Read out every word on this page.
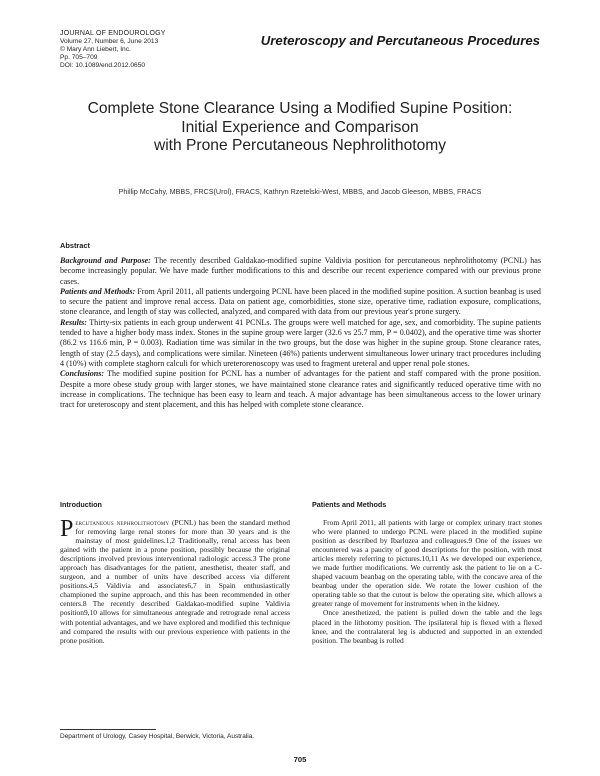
JOURNAL OF ENDOUROLOGY
Volume 27, Number 6, June 2013
© Mary Ann Liebert, Inc.
Pp. 705–709
DOI: 10.1089/end.2012.0650
Ureteroscopy and Percutaneous Procedures
Complete Stone Clearance Using a Modified Supine Position:
Initial Experience and Comparison
with Prone Percutaneous Nephrolithotomy
Phillip McCahy, MBBS, FRCS(Urol), FRACS, Kathryn Rzetelski-West, MBBS, and Jacob Gleeson, MBBS, FRACS
Abstract

Background and Purpose: The recently described Galdakao-modified supine Valdivia position for percutaneous nephrolithotomy (PCNL) has become increasingly popular. We have made further modifications to this and describe our recent experience compared with our previous prone cases.

Patients and Methods: From April 2011, all patients undergoing PCNL have been placed in the modified supine position. A suction beanbag is used to secure the patient and improve renal access. Data on patient age, comorbidities, stone size, operative time, radiation exposure, complications, stone clearance, and length of stay was collected, analyzed, and compared with data from our previous year's prone surgery.

Results: Thirty-six patients in each group underwent 41 PCNLs. The groups were well matched for age, sex, and comorbidity. The supine patients tended to have a higher body mass index. Stones in the supine group were larger (32.6 vs 25.7 mm, P = 0.0402), and the operative time was shorter (86.2 vs 116.6 min, P = 0.003). Radiation time was similar in the two groups, but the dose was higher in the supine group. Stone clearance rates, length of stay (2.5 days), and complications were similar. Nineteen (46%) patients underwent simultaneous lower urinary tract procedures including 4 (10%) with complete staghorn calculi for which ureterorenoscopy was used to fragment ureteral and upper renal pole stones.

Conclusions: The modified supine position for PCNL has a number of advantages for the patient and staff compared with the prone position. Despite a more obese study group with larger stones, we have maintained stone clearance rates and significantly reduced operative time with no increase in complications. The technique has been easy to learn and teach. A major advantage has been simultaneous access to the lower urinary tract for ureteroscopy and stent placement, and this has helped with complete stone clearance.

Introduction

Percutaneous nephrolithotomy (PCNL) has been the standard method for removing large renal stones for more than 30 years and is the mainstay of most guidelines.1,2 Traditionally, renal access has been gained with the patient in a prone position, possibly because the original descriptions involved previous interventional radiologic access.3 The prone approach has disadvantages for the patient, anesthetist, theater staff, and surgeon, and a number of units have described access via different positions.4,5 Valdivia and associates6,7 in Spain enthusiastically championed the supine approach, and this has been recommended in other centers.8 The recently described Galdakao-modified supine Valdivia position9,10 allows for simultaneous antegrade and retrograde renal access with potential advantages, and we have explored and modified this technique and compared the results with our previous experience with patients in the prone position.

Patients and Methods

From April 2011, all patients with large or complex urinary tract stones who were planned to undergo PCNL were placed in the modified supine position as described by Ibarluzea and colleagues.9 One of the issues we encountered was a paucity of good descriptions for the position, with most articles merely referring to pictures.10,11 As we developed our experience, we made further modifications. We currently ask the patient to lie on a C-shaped vacuum beanbag on the operating table, with the concave area of the beanbag under the operation side. We rotate the lower cushion of the operating table so that the cutout is below the operating site, which allows a greater range of movement for instruments when in the kidney.

Once anesthetized, the patient is pulled down the table and the legs placed in the lithotomy position. The ipsilateral hip is flexed with a flexed knee, and the contralateral leg is abducted and supported in an extended position. The beanbag is rolled

Department of Urology, Casey Hospital, Berwick, Victoria, Australia.
705
